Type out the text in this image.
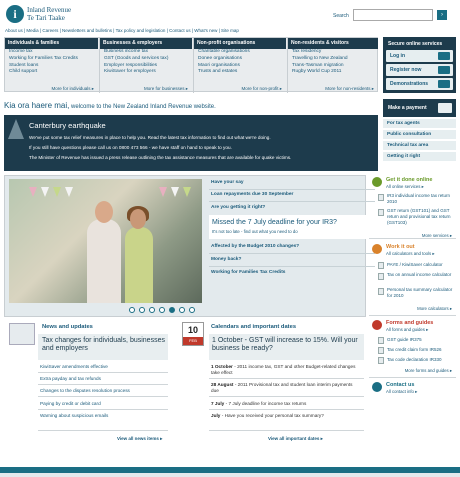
i	Inland Revenue
Te Tari Taake	Search	›
About us | Media | Careers | Newsletters and bulletins | Tax policy and legislation | Contact us | What's new | Site map
Individuals & families
Income tax
Working for Families Tax Credits
Student loans
Child support
More for individuals ▸
Businesses & employers
Business income tax
GST (Goods and services tax)
Employer responsibilities
KiwiSaver for employers
More for businesses ▸
Non-profit organisations
Charitable organisations
Donee organisations
Maori organisations
Trusts and estates
More for non-profit ▸
Non-residents & visitors
Tax residency
Travelling to New Zealand
Trans-Tasman migration
Rugby World Cup 2011
More for non-residents ▸
Secure online services
Log in
Register now
Demonstrations
Kia ora haere mai, welcome to the New Zealand Inland Revenue website.
Canterbury earthquake
We've put some tax relief measures in place to help you. Read the latest tax information to find out what we're doing.
If you still have questions please call us on 0800 473 566 - we have staff on hand to speak to you.
The Minister of Revenue has issued a press release outlining the tax assistance measures that are available for quake victims.
Make a payment
For tax agents
Public consultation
Technical tax area
Getting it right
Have your say
Loan repayments due 30 September
Are you getting it right?
Missed the 7 July deadline for your IR3?
It's not too late - find out what you need to do
Affected by the Budget 2010 changes?
Money back?
Working for Families Tax Credits
Get it done online
All online services ▸
IR3 individual income tax return 2010
GST return (GST101) and GST return and provisional tax return (GST103)
More services ▸
Work it out
All calculators and tools ▸
PAYE / KiwiSaver calculator
Tax on annual income calculator
Personal tax summary calculator for 2010
More calculators ▸
Forms and guides
All forms and guides ▸
GST guide IR375
Tax credit claim form IR526
Tax code declaration IR330
More forms and guides ▸
Contact us
All contact info ▸
News and updates
Tax changes for individuals, businesses and employers
KiwiSaver amendments effective
Extra payday and tax refunds
Changes to the disputes resolution process
Paying by credit or debit card
Warning about suspicious emails
View all news items ▸
10
FEB
Calendars and important dates
1 October - GST will increase to 15%. Will your business be ready?
1 October - 2011 income tax, GST and other Budget-related changes take effect
28 August - 2011 Provisional tax and student loan interim payments due
7 July - 7 July deadline for income tax returns
July - Have you received your personal tax summary?
View all important dates ▸
